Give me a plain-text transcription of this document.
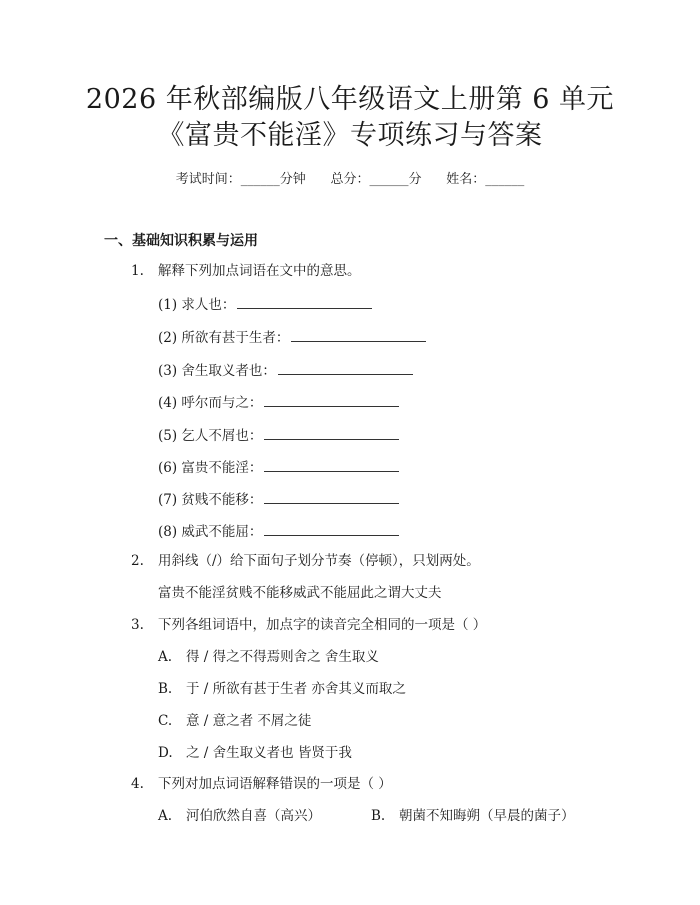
2026 年秋部编版八年级语文上册第 6 单元
《富贵不能淫》专项练习与答案
考试时间：______分钟      总分：______分      姓名：______
一、基础知识积累与运用
1. 解释下列加点词语在文中的意思。
(1) 求人也：
(2) 所欲有甚于生者：
(3) 舍生取义者也：
(4) 呼尔而与之：
(5) 乞人不屑也：
(6) 富贵不能淫：
(7) 贫贱不能移：
(8) 威武不能屈：
2. 用斜线（/）给下面句子划分节奏（停顿），只划两处。
富贵不能淫贫贱不能移威武不能屈此之谓大丈夫
3. 下列各组词语中，加点字的读音完全相同的一项是（ ）
A. 得 / 得之不得焉则舍之 舍生取义
B. 于 / 所欲有甚于生者 亦舍其义而取之
C. 意 / 意之者 不屑之徒
D. 之 / 舍生取义者也 皆贤于我
4. 下列对加点词语解释错误的一项是（ ）
A. 河伯欣然自喜（高兴）	B. 朝菌不知晦朔（早晨的菌子）
